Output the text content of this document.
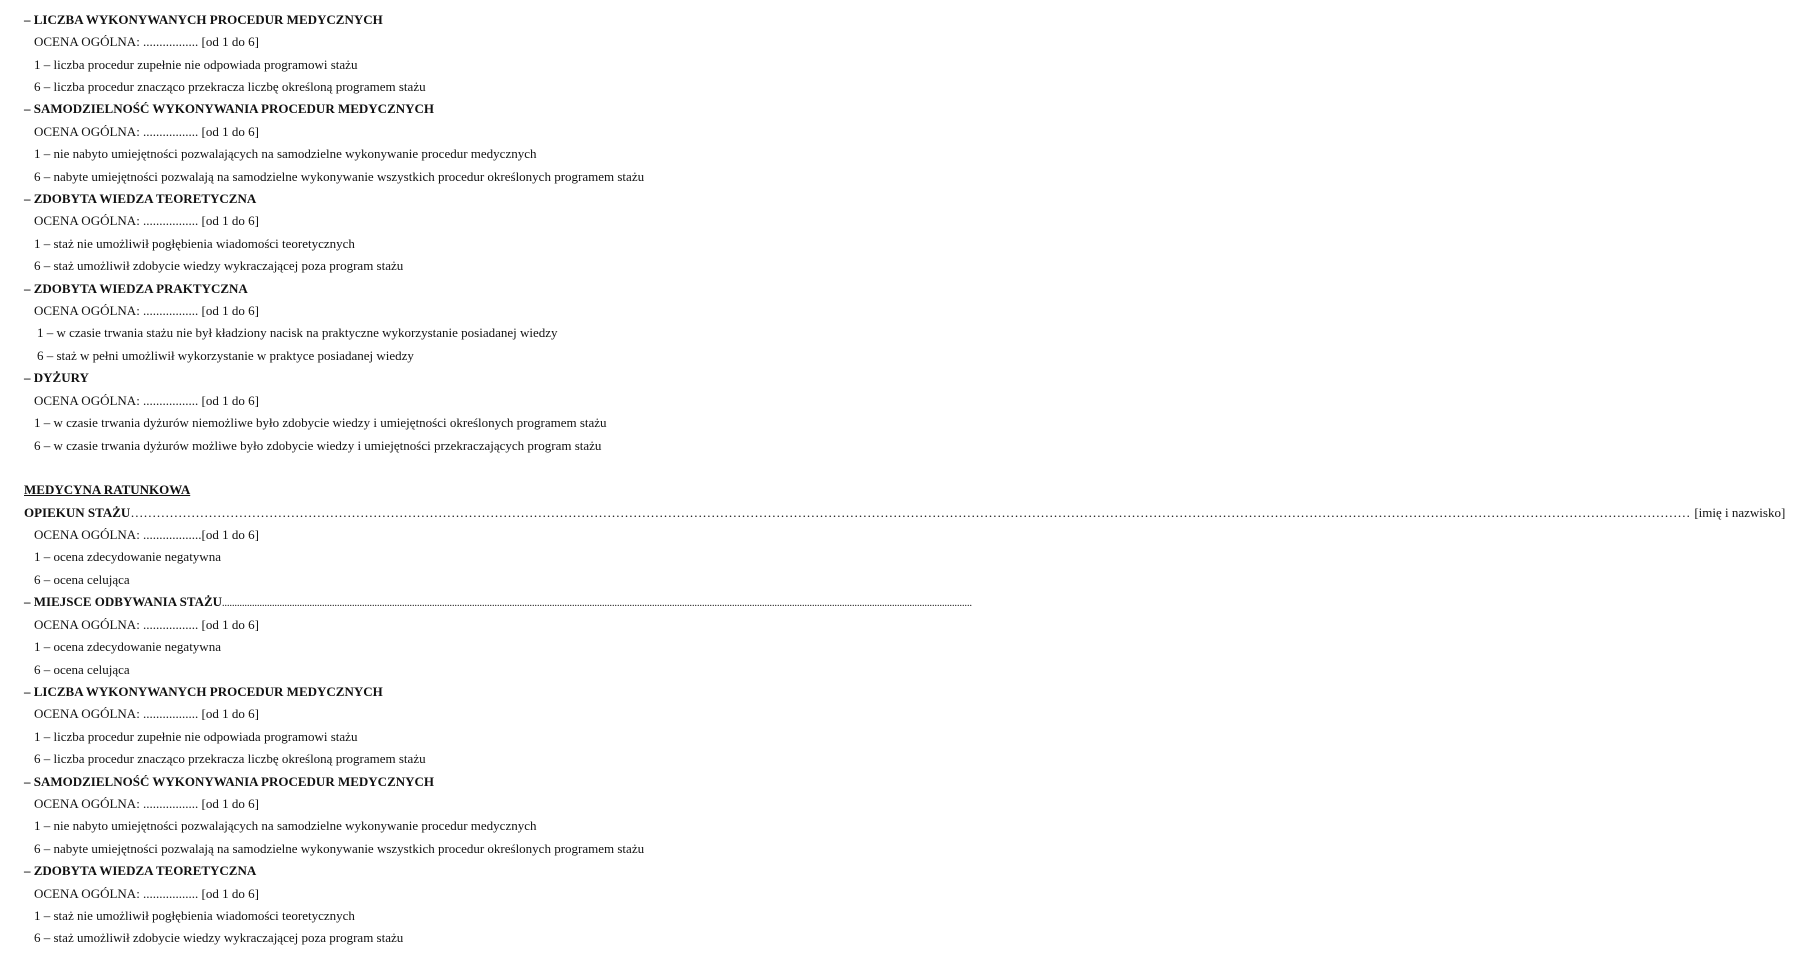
– LICZBA WYKONYWANYCH PROCEDUR MEDYCZNYCH
OCENA OGÓLNA: ................. [od 1 do 6]
1 – liczba procedur zupełnie nie odpowiada programowi stażu
6 – liczba procedur znacząco przekracza liczbę określoną programem stażu
– SAMODZIELNOŚĆ WYKONYWANIA PROCEDUR MEDYCZNYCH
OCENA OGÓLNA: ................. [od 1 do 6]
1 – nie nabyto umiejętności pozwalających na samodzielne wykonywanie procedur medycznych
6 – nabyte umiejętności pozwalają na samodzielne wykonywanie wszystkich procedur określonych programem stażu
– ZDOBYTA WIEDZA TEORETYCZNA
OCENA OGÓLNA: ................. [od 1 do 6]
1 – staż nie umożliwił pogłębienia wiadomości teoretycznych
6 – staż umożliwił zdobycie wiedzy wykraczającej poza program stażu
– ZDOBYTA WIEDZA PRAKTYCZNA
OCENA OGÓLNA: ................. [od 1 do 6]
1 – w czasie trwania stażu nie był kładziony nacisk na praktyczne wykorzystanie posiadanej wiedzy
6 – staż w pełni umożliwił wykorzystanie w praktyce posiadanej wiedzy
– DYŻURY
OCENA OGÓLNA: ................. [od 1 do 6]
1 – w czasie trwania dyżurów niemożliwe było zdobycie wiedzy i umiejętności określonych programem stażu
6 – w czasie trwania dyżurów możliwe było zdobycie wiedzy i umiejętności przekraczających program stażu
MEDYCYNA RATUNKOWA
OPIEKUN STAŻU ……………………………………………………………………………………………………………………………………………………………………………………………………………………………………………………………………………………………………………………………… [imię i nazwisko]
OCENA OGÓLNA: ..................[od 1 do 6]
1 – ocena zdecydowanie negatywna
6 – ocena celująca
– MIEJSCE ODBYWANIA STAŻU ............................................................................................................................................................................................................................................................................................................
OCENA OGÓLNA: ................. [od 1 do 6]
1 – ocena zdecydowanie negatywna
6 – ocena celująca
– LICZBA WYKONYWANYCH PROCEDUR MEDYCZNYCH
OCENA OGÓLNA: ................. [od 1 do 6]
1 – liczba procedur zupełnie nie odpowiada programowi stażu
6 – liczba procedur znacząco przekracza liczbę określoną programem stażu
– SAMODZIELNOŚĆ WYKONYWANIA PROCEDUR MEDYCZNYCH
OCENA OGÓLNA: ................. [od 1 do 6]
1 – nie nabyto umiejętności pozwalających na samodzielne wykonywanie procedur medycznych
6 – nabyte umiejętności pozwalają na samodzielne wykonywanie wszystkich procedur określonych programem stażu
– ZDOBYTA WIEDZA TEORETYCZNA
OCENA OGÓLNA: ................. [od 1 do 6]
1 – staż nie umożliwił pogłębienia wiadomości teoretycznych
6 – staż umożliwił zdobycie wiedzy wykraczającej poza program stażu
